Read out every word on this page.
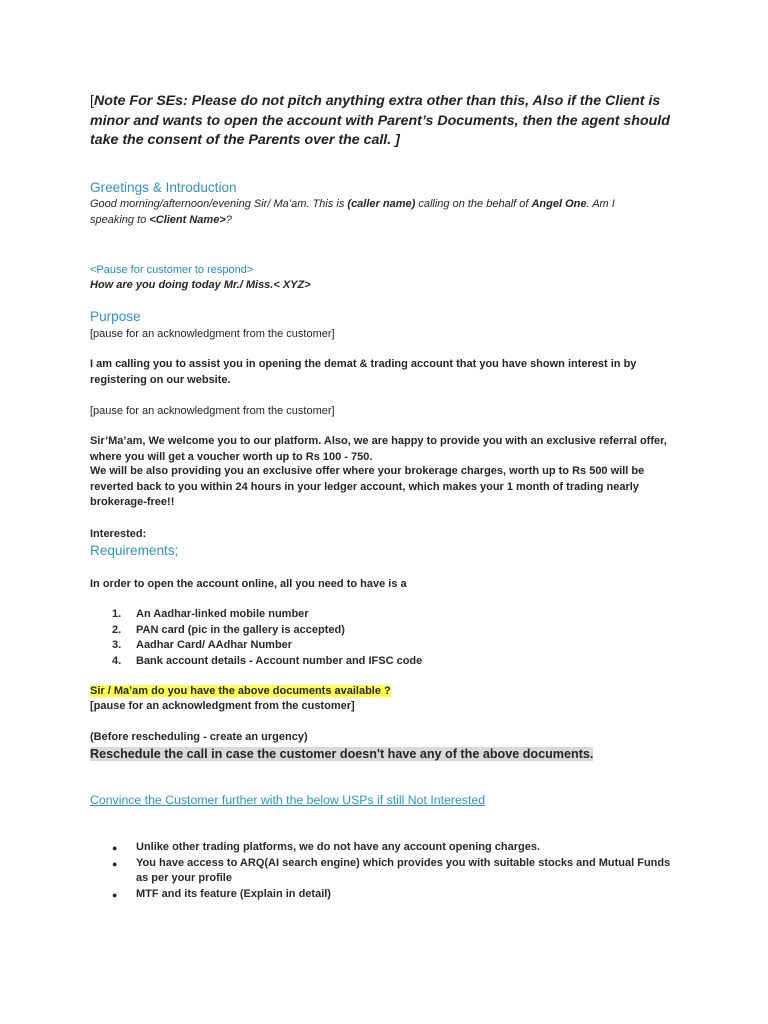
[Note For SEs: Please do not pitch anything extra other than this, Also if the Client is minor and wants to open the account with Parent’s Documents, then the agent should take the consent of the Parents over the call. ]

Greetings & Introduction

Good morning/afternoon/evening Sir/ Ma’am. This is (caller name) calling on the behalf of Angel One. Am I speaking to <Client Name>?

<Pause for customer to respond>
How are you doing today Mr./ Miss.< XYZ>
Purpose
[pause for an acknowledgment from the customer]

I am calling you to assist you in opening the demat & trading account that you have shown interest in by registering on our website.

[pause for an acknowledgment from the customer]

Sir’Ma’am, We welcome you to our platform. Also, we are happy to provide you with an exclusive referral offer, where you will get a voucher worth up to Rs 100 - 750.

We will be also providing you an exclusive offer where your brokerage charges, worth up to Rs 500 will be reverted back to you within 24 hours in your ledger account, which makes your 1 month of trading nearly brokerage-free!!

Interested:
Requirements;
In order to open the account online, all you need to have is a
1. An Aadhar-linked mobile number
2. PAN card (pic in the gallery is accepted)
3. Aadhar Card/ AAdhar Number
4. Bank account details - Account number and IFSC code
Sir / Ma’am do you have the above documents available ?
[pause for an acknowledgment from the customer]
(Before rescheduling - create an urgency)
Reschedule the call in case the customer doesn't have any of the above documents.
Convince the Customer further with the below USPs if still Not Interested
● Unlike other trading platforms, we do not have any account opening charges.
● You have access to ARQ(AI search engine) which provides you with suitable stocks and Mutual Funds as per your profile
● MTF and its feature (Explain in detail)
